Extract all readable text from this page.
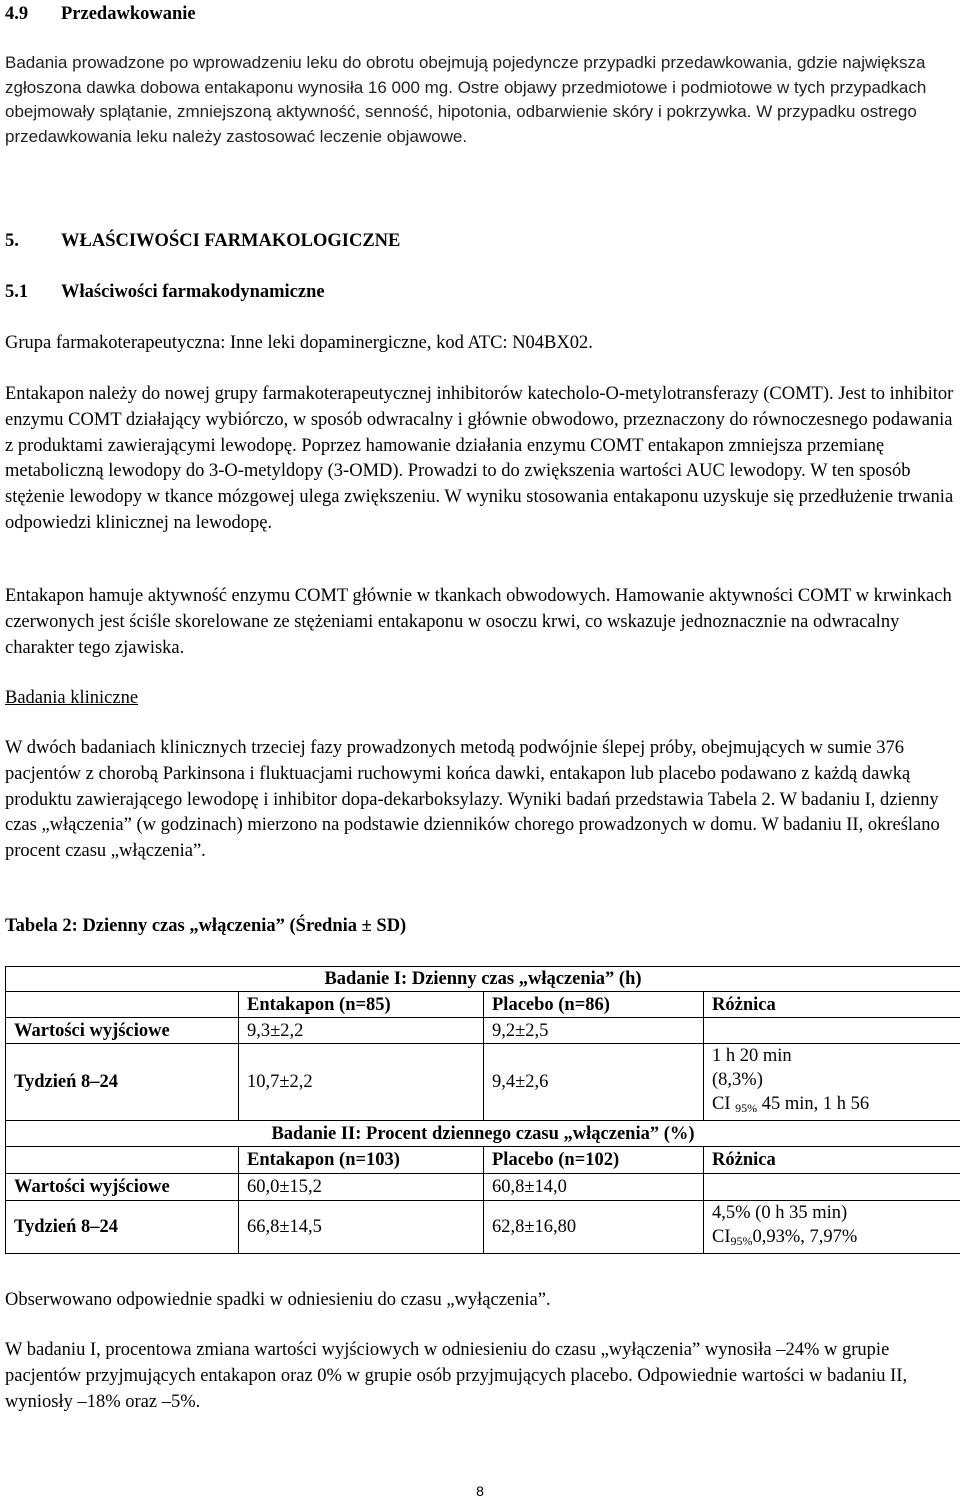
4.9 Przedawkowanie

Badania prowadzone po wprowadzeniu leku do obrotu obejmują pojedyncze przypadki przedawkowania, gdzie największa zgłoszona dawka dobowa entakaponu wynosiła 16 000 mg. Ostre objawy przedmiotowe i podmiotowe w tych przypadkach obejmowały splątanie, zmniejszoną aktywność, senność, hipotonia, odbarwienie skóry i pokrzywka. W przypadku ostrego przedawkowania leku należy zastosować leczenie objawowe.

5. WŁAŚCIWOŚCI FARMAKOLOGICZNE
5.1 Właściwości farmakodynamiczne

Grupa farmakoterapeutyczna: Inne leki dopaminergiczne, kod ATC: N04BX02.

Entakapon należy do nowej grupy farmakoterapeutycznej inhibitorów katecholo-O-metylotransferazy (COMT). Jest to inhibitor enzymu COMT działający wybiórczo, w sposób odwracalny i głównie obwodowo, przeznaczony do równoczesnego podawania z produktami zawierającymi lewodopę. Poprzez hamowanie działania enzymu COMT entakapon zmniejsza przemianę metaboliczną lewodopy do 3-O-metyldopy (3-OMD). Prowadzi to do zwiększenia wartości AUC lewodopy. W ten sposób stężenie lewodopy w tkance mózgowej ulega zwiększeniu. W wyniku stosowania entakaponu uzyskuje się przedłużenie trwania odpowiedzi klinicznej na lewodopę.

Entakapon hamuje aktywność enzymu COMT głównie w tkankach obwodowych. Hamowanie aktywności COMT w krwinkach czerwonych jest ściśle skorelowane ze stężeniami entakaponu w osoczu krwi, co wskazuje jednoznacznie na odwracalny charakter tego zjawiska.

Badania kliniczne

W dwóch badaniach klinicznych trzeciej fazy prowadzonych metodą podwójnie ślepej próby, obejmujących w sumie 376 pacjentów z chorobą Parkinsona i fluktuacjami ruchowymi końca dawki, entakapon lub placebo podawano z każdą dawką produktu zawierającego lewodopę i inhibitor dopa-dekarboksylazy. Wyniki badań przedstawia Tabela 2. W badaniu I, dzienny czas „włączenia” (w godzinach) mierzono na podstawie dzienników chorego prowadzonych w domu. W badaniu II, określano procent czasu „włączenia”.

Tabela 2: Dzienny czas „włączenia” (Średnia ± SD)

Badanie I: Dzienny czas „włączenia” (h)			
	Entakapon (n=85)	Placebo (n=86)	Różnica
Wartości wyjściowe	9,3±2,2	9,2±2,5	
Tydzień 8–24	10,7±2,2	9,4±2,6	1 h 20 min
(8,3%)
CI $_{95\%}$ 45 min, 1 h 56

Badanie II: Procent dziennego czasu „włączenia” (%)			
	Entakapon (n=103)	Placebo (n=102)	Różnica
Wartości wyjściowe	60,0±15,2	60,8±14,0	
Tydzień 8–24	66,8±14,5	62,8±16,80	4,5% (0 h 35 min)
$CI_{95\%}0,93\%$, 7,97%

Obserwowano odpowiednie spadki w odniesieniu do czasu „wyłączenia”.

W badaniu I, procentowa zmiana wartości wyjściowych w odniesieniu do czasu „wyłączenia” wynosiła –24% w grupie pacjentów przyjmujących entakapon oraz 0% w grupie osób przyjmujących placebo. Odpowiednie wartości w badaniu II, wyniosły –18% oraz –5%.

8
